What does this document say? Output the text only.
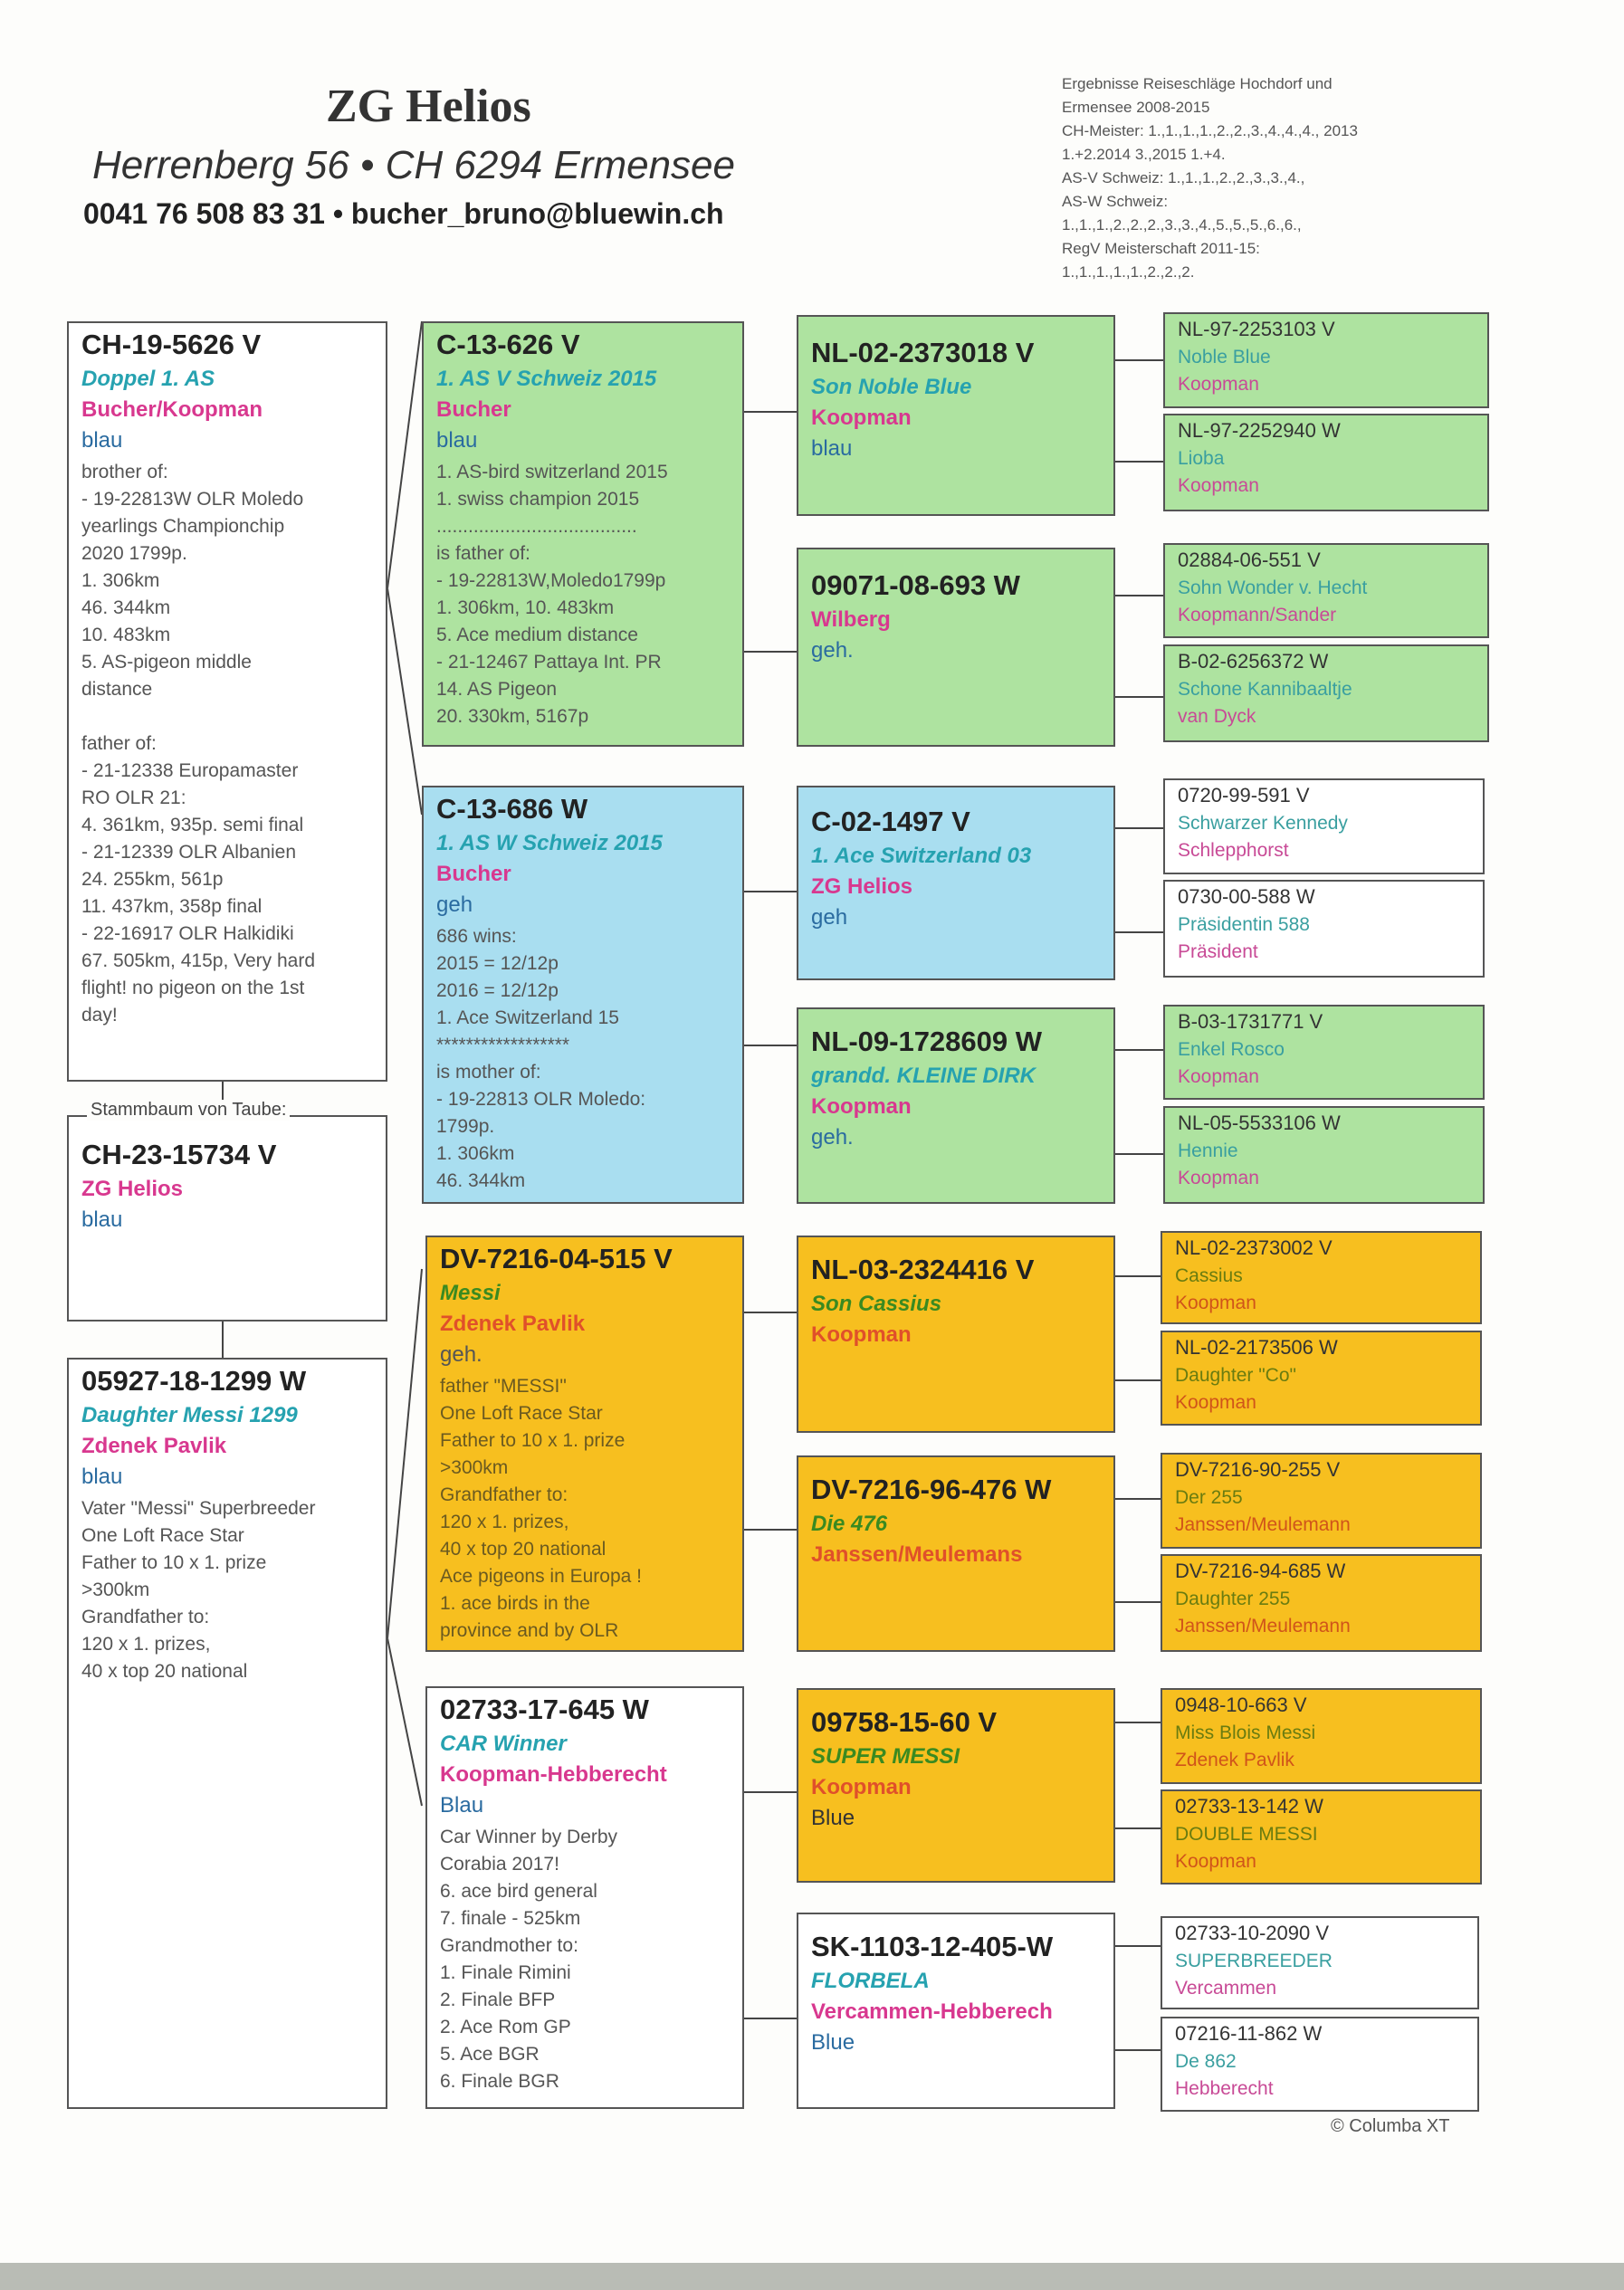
ZG Helios
Herrenberg 56 • CH 6294 Ermensee
0041 76 508 83 31 • bucher_bruno@bluewin.ch
Ergebnisse Reiseschläge Hochdorf und
Ermensee 2008-2015
CH-Meister: 1.,1.,1.,1.,2.,2.,3.,4.,4.,4., 2013
1.+2.2014 3.,2015 1.+4.
AS-V Schweiz: 1.,1.,1.,2.,2.,3.,3.,4.,
AS-W Schweiz:
1.,1.,1.,2.,2.,2.,3.,3.,4.,5.,5.,5.,6.,6.,
RegV Meisterschaft 2011-15:
1.,1.,1.,1.,1.,2.,2.,2.
CH-19-5626 V
Doppel 1. AS
Bucher/Koopman
blau
brother of:
- 19-22813W OLR Moledo
yearlings Championchip
2020 1799p.
1. 306km
46. 344km
10. 483km
5. AS-pigeon middle
distance
father of:
- 21-12338 Europamaster
RO OLR 21:
4. 361km, 935p. semi final
- 21-12339 OLR Albanien
24. 255km, 561p
11. 437km, 358p final
- 22-16917 OLR Halkidiki
67. 505km, 415p, Very hard
flight! no pigeon on the 1st
day!
CH-23-15734 V
ZG Helios
blau
Stammbaum von Taube:
05927-18-1299 W
Daughter Messi 1299
Zdenek Pavlik
blau
Vater "Messi" Superbreeder
One Loft Race Star
Father to 10 x 1. prize
>300km
Grandfather to:
120 x 1. prizes,
40 x top 20 national
C-13-626 V
1. AS V Schweiz 2015
Bucher
blau
1. AS-bird switzerland 2015
1. swiss champion 2015
......................................
is father of:
- 19-22813W,Moledo1799p
1. 306km, 10. 483km
5. Ace medium distance
- 21-12467 Pattaya Int. PR
14. AS Pigeon
20. 330km, 5167p
C-13-686 W
1. AS W Schweiz 2015
Bucher
geh
686 wins:
2015 = 12/12p
2016 = 12/12p
1. Ace Switzerland 15
******************
is mother of:
- 19-22813 OLR Moledo:
1799p.
1. 306km
46. 344km
DV-7216-04-515 V
Messi
Zdenek Pavlik
geh.
father "MESSI"
One Loft Race Star
Father to 10 x 1. prize
>300km
Grandfather to:
120 x 1. prizes,
40 x top 20 national
Ace pigeons in Europa !
1. ace birds in the
province and by OLR
02733-17-645 W
CAR Winner
Koopman-Hebberecht
Blau
Car Winner by Derby
Corabia 2017!
6. ace bird general
7. finale - 525km
Grandmother to:
1. Finale Rimini
2. Finale BFP
2. Ace Rom GP
5. Ace BGR
6. Finale BGR
NL-02-2373018 V
Son Noble Blue
Koopman
blau
09071-08-693 W
Wilberg
geh.
C-02-1497 V
1. Ace Switzerland 03
ZG Helios
geh
NL-09-1728609 W
grandd. KLEINE DIRK
Koopman
geh.
NL-03-2324416 V
Son Cassius
Koopman
DV-7216-96-476 W
Die 476
Janssen/Meulemans
09758-15-60 V
SUPER MESSI
Koopman
Blue
SK-1103-12-405-W
FLORBELA
Vercammen-Hebberech
Blue
NL-97-2253103 V
Noble Blue
Koopman
NL-97-2252940 W
Lioba
Koopman
02884-06-551 V
Sohn Wonder v. Hecht
Koopmann/Sander
B-02-6256372 W
Schone Kannibaaltje
van Dyck
0720-99-591 V
Schwarzer Kennedy
Schlepphorst
0730-00-588 W
Präsidentin 588
Präsident
B-03-1731771 V
Enkel Rosco
Koopman
NL-05-5533106 W
Hennie
Koopman
NL-02-2373002 V
Cassius
Koopman
NL-02-2173506 W
Daughter "Co"
Koopman
DV-7216-90-255 V
Der 255
Janssen/Meulemann
DV-7216-94-685 W
Daughter 255
Janssen/Meulemann
0948-10-663 V
Miss Blois Messi
Zdenek Pavlik
02733-13-142 W
DOUBLE MESSI
Koopman
02733-10-2090 V
SUPERBREEDER
Vercammen
07216-11-862 W
De 862
Hebberecht
© Columba XT
